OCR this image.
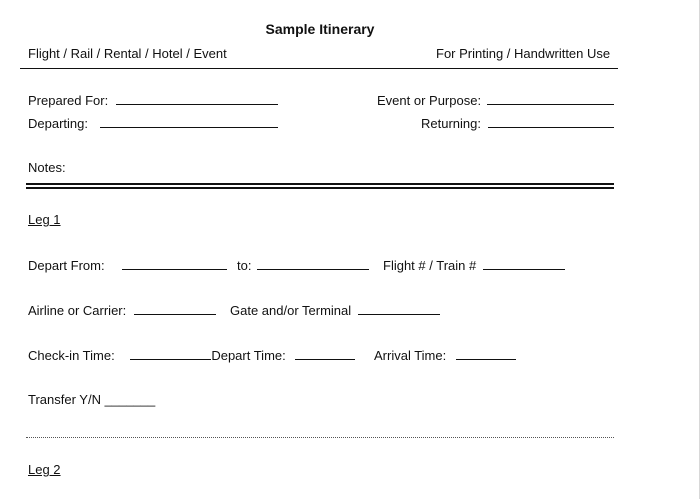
Sample Itinerary
Flight / Rail / Rental / Hotel / Event	For Printing / Handwritten Use
Prepared For:	Event or Purpose:
Departing:	Returning:
Notes:
Leg 1
Depart From:	to:	Flight # / Train #
Airline or Carrier:	Gate and/or Terminal
Check-in Time:	Depart Time:	Arrival Time:
Transfer Y/N _______
Leg 2
